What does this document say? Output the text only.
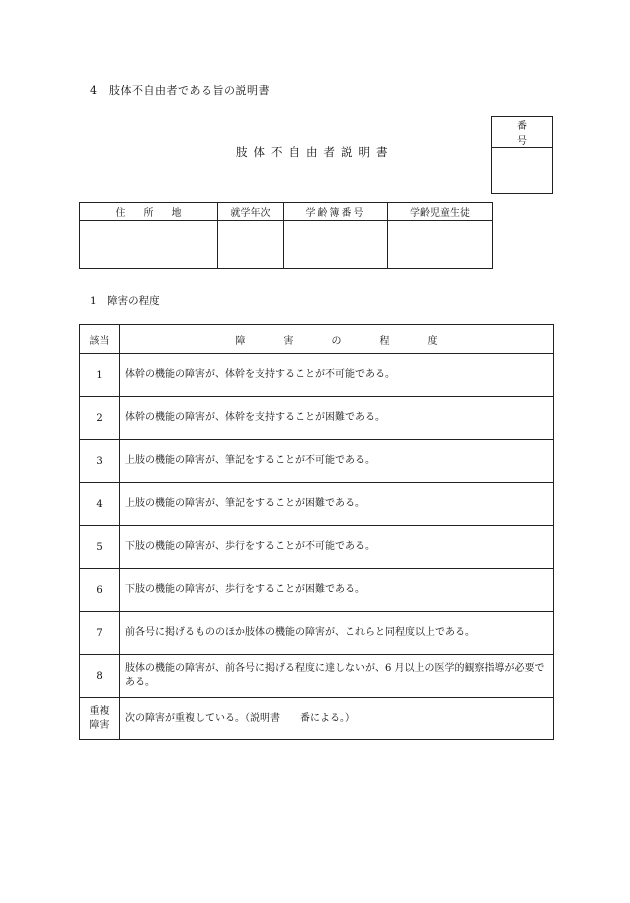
4　肢体不自由者である旨の説明書
肢体不自由者説明書
番号

住所地	就学年次	学齢簿番号	学齢児童生徒

1　障害の程度
該当	障害の程度
1	体幹の機能の障害が、体幹を支持することが不可能である。
2	体幹の機能の障害が、体幹を支持することが困難である。
3	上肢の機能の障害が、筆記をすることが不可能である。
4	上肢の機能の障害が、筆記をすることが困難である。
5	下肢の機能の障害が、歩行をすることが不可能である。
6	下肢の機能の障害が、歩行をすることが困難である。
7	前各号に掲げるもののほか肢体の機能の障害が、これらと同程度以上である。
8	肢体の機能の障害が、前各号に掲げる程度に達しないが、6 月以上の医学的観察指導が必要である。
重複
障害	次の障害が重複している。（説明書　　番による。）
